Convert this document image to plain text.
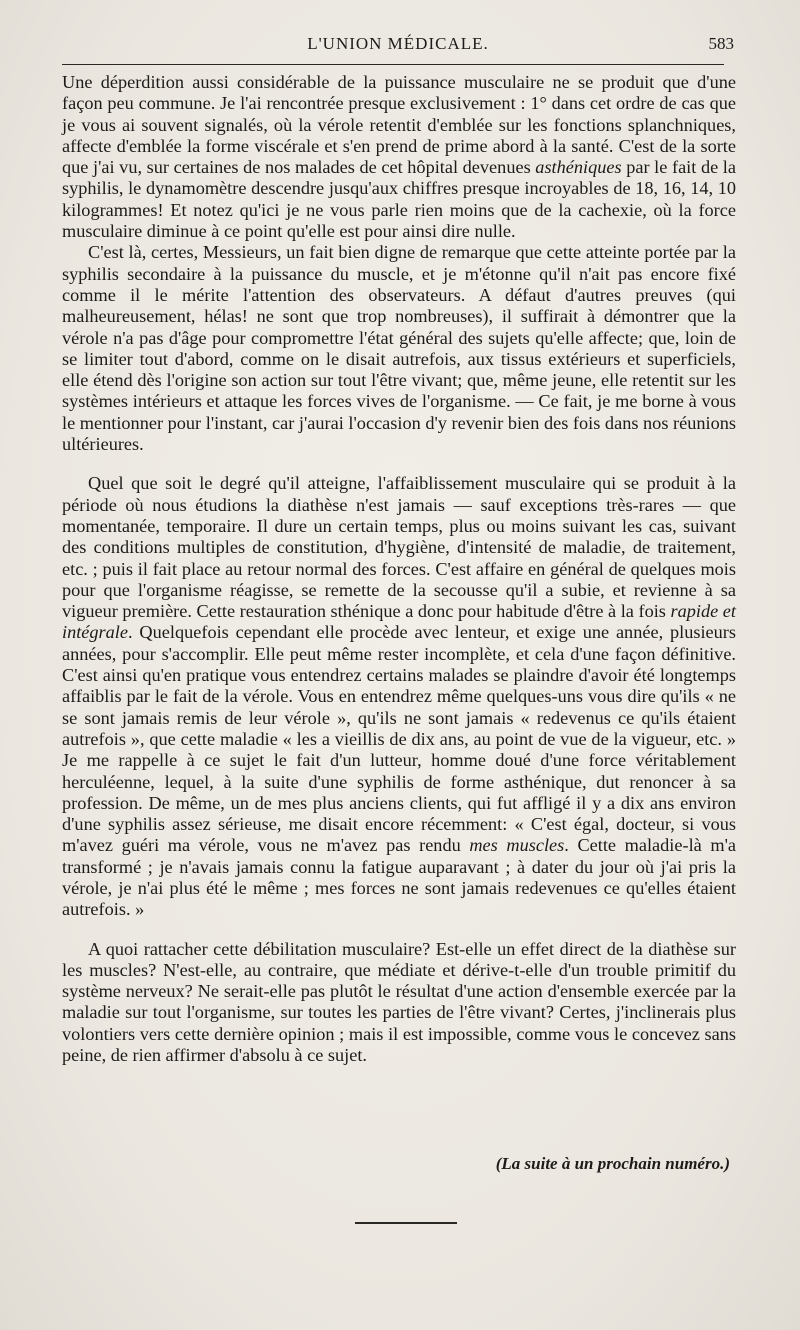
L'UNION MÉDICALE.	583

Une déperdition aussi considérable de la puissance musculaire ne se produit que d'une façon peu commune. Je l'ai rencontrée presque exclusivement : 1° dans cet ordre de cas que je vous ai souvent signalés, où la vérole retentit d'emblée sur les fonctions splanchniques, affecte d'emblée la forme viscérale et s'en prend de prime abord à la santé. C'est de la sorte que j'ai vu, sur certaines de nos malades de cet hôpital devenues asthéniques par le fait de la syphilis, le dynamomètre descendre jusqu'aux chiffres presque incroyables de 18, 16, 14, 10 kilogrammes! Et notez qu'ici je ne vous parle rien moins que de la cachexie, où la force musculaire diminue à ce point qu'elle est pour ainsi dire nulle.

C'est là, certes, Messieurs, un fait bien digne de remarque que cette atteinte portée par la syphilis secondaire à la puissance du muscle, et je m'étonne qu'il n'ait pas encore fixé comme il le mérite l'attention des observateurs. A défaut d'autres preuves (qui malheureusement, hélas! ne sont que trop nombreuses), il suffirait à démontrer que la vérole n'a pas d'âge pour compromettre l'état général des sujets qu'elle affecte; que, loin de se limiter tout d'abord, comme on le disait autrefois, aux tissus extérieurs et superficiels, elle étend dès l'origine son action sur tout l'être vivant; que, même jeune, elle retentit sur les systèmes intérieurs et attaque les forces vives de l'organisme. — Ce fait, je me borne à vous le mentionner pour l'instant, car j'aurai l'occasion d'y revenir bien des fois dans nos réunions ultérieures.

Quel que soit le degré qu'il atteigne, l'affaiblissement musculaire qui se produit à la période où nous étudions la diathèse n'est jamais — sauf exceptions très-rares — que momentanée, temporaire. Il dure un certain temps, plus ou moins suivant les cas, suivant des conditions multiples de constitution, d'hygiène, d'intensité de maladie, de traitement, etc. ; puis il fait place au retour normal des forces. C'est affaire en général de quelques mois pour que l'organisme réagisse, se remette de la secousse qu'il a subie, et revienne à sa vigueur première. Cette restauration sthénique a donc pour habitude d'être à la fois rapide et intégrale. Quelquefois cependant elle procède avec lenteur, et exige une année, plusieurs années, pour s'accomplir. Elle peut même rester incomplète, et cela d'une façon définitive. C'est ainsi qu'en pratique vous entendrez certains malades se plaindre d'avoir été longtemps affaiblis par le fait de la vérole. Vous en entendrez même quelques-uns vous dire qu'ils « ne se sont jamais remis de leur vérole », qu'ils ne sont jamais « redevenus ce qu'ils étaient autrefois », que cette maladie « les a vieillis de dix ans, au point de vue de la vigueur, etc. » Je me rappelle à ce sujet le fait d'un lutteur, homme doué d'une force véritablement herculéenne, lequel, à la suite d'une syphilis de forme asthénique, dut renoncer à sa profession. De même, un de mes plus anciens clients, qui fut affligé il y a dix ans environ d'une syphilis assez sérieuse, me disait encore récemment: « C'est égal, docteur, si vous m'avez guéri ma vérole, vous ne m'avez pas rendu mes muscles. Cette maladie-là m'a transformé ; je n'avais jamais connu la fatigue auparavant ; à dater du jour où j'ai pris la vérole, je n'ai plus été le même ; mes forces ne sont jamais redevenues ce qu'elles étaient autrefois. »

A quoi rattacher cette débilitation musculaire? Est-elle un effet direct de la diathèse sur les muscles? N'est-elle, au contraire, que médiate et dérive-t-elle d'un trouble primitif du système nerveux? Ne serait-elle pas plutôt le résultat d'une action d'ensemble exercée par la maladie sur tout l'organisme, sur toutes les parties de l'être vivant? Certes, j'inclinerais plus volontiers vers cette dernière opinion ; mais il est impossible, comme vous le concevez sans peine, de rien affirmer d'absolu à ce sujet.

(La suite à un prochain numéro.)
